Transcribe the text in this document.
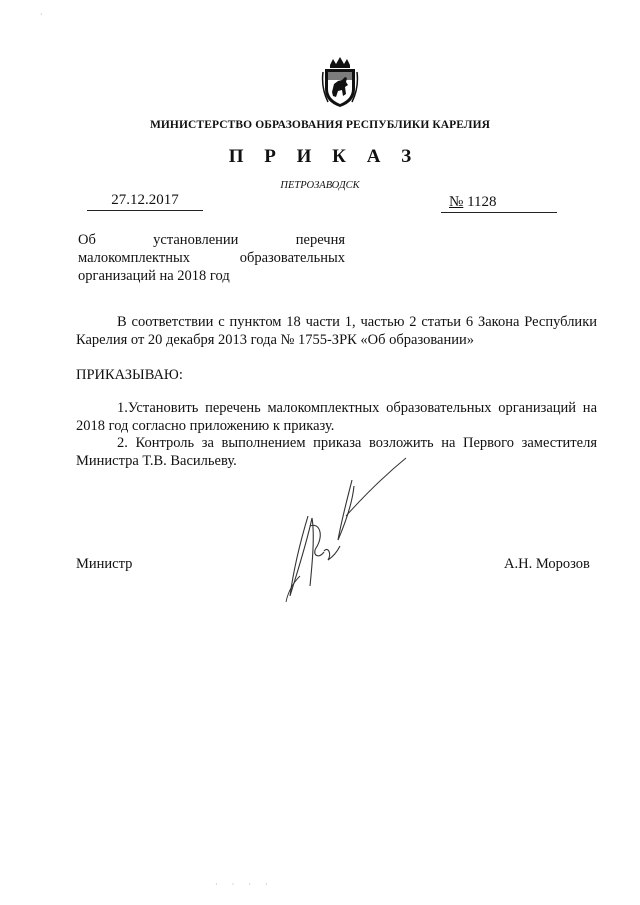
МИНИСТЕРСТВО ОБРАЗОВАНИЯ РЕСПУБЛИКИ КАРЕЛИЯ
П Р И К А З
ПЕТРОЗАВОДСК
27.12.2017	№ 1128
Об	установлении	перечня
малокомплектных	образовательных
организаций на 2018 год
В соответствии с пунктом 18 части 1, частью 2 статьи 6 Закона Республики Карелия от 20 декабря 2013 года № 1755-ЗРК «Об образовании»
ПРИКАЗЫВАЮ:
1.Установить перечень малокомплектных образовательных организаций на 2018 год согласно приложению к приказу.
2. Контроль за выполнением приказа возложить на Первого заместителя Министра Т.В. Васильеву.
Министр	А.Н. Морозов
·
· · · ·
